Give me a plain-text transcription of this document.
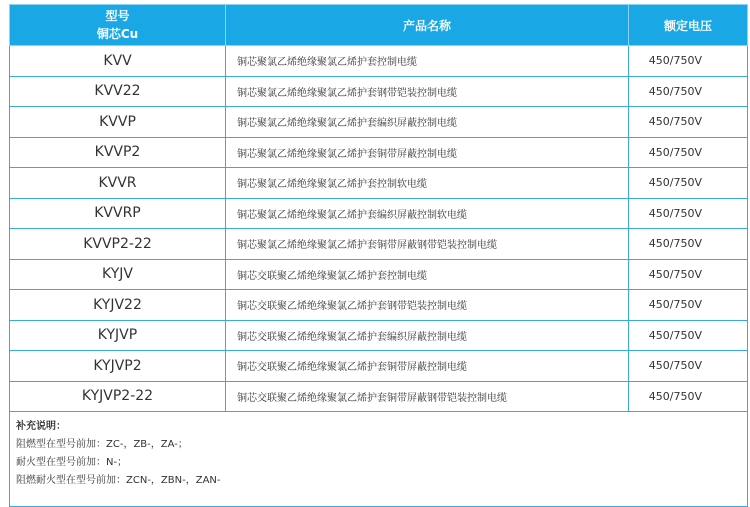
型号
铜芯Cu	产品名称	额定电压
KVV	铜芯聚氯乙烯绝缘聚氯乙烯护套控制电缆	450/750V
KVV22	铜芯聚氯乙烯绝缘聚氯乙烯护套钢带铠装控制电缆	450/750V
KVVP	铜芯聚氯乙烯绝缘聚氯乙烯护套编织屏蔽控制电缆	450/750V
KVVP2	铜芯聚氯乙烯绝缘聚氯乙烯护套铜带屏蔽控制电缆	450/750V
KVVR	铜芯聚氯乙烯绝缘聚氯乙烯护套控制软电缆	450/750V
KVVRP	铜芯聚氯乙烯绝缘聚氯乙烯护套编织屏蔽控制软电缆	450/750V
KVVP2-22	铜芯聚氯乙烯绝缘聚氯乙烯护套铜带屏蔽钢带铠装控制电缆	450/750V
KYJV	铜芯交联聚乙烯绝缘聚氯乙烯护套控制电缆	450/750V
KYJV22	铜芯交联聚乙烯绝缘聚氯乙烯护套钢带铠装控制电缆	450/750V
KYJVP	铜芯交联聚乙烯绝缘聚氯乙烯护套编织屏蔽控制电缆	450/750V
KYJVP2	铜芯交联聚乙烯绝缘聚氯乙烯护套铜带屏蔽控制电缆	450/750V
KYJVP2-22	铜芯交联聚乙烯绝缘聚氯乙烯护套铜带屏蔽钢带铠装控制电缆	450/750V

补充说明：
阻燃型在型号前加：ZC-，ZB-，ZA-；
耐火型在型号前加：N-；
阻燃耐火型在型号前加：ZCN-，ZBN-，ZAN-		
